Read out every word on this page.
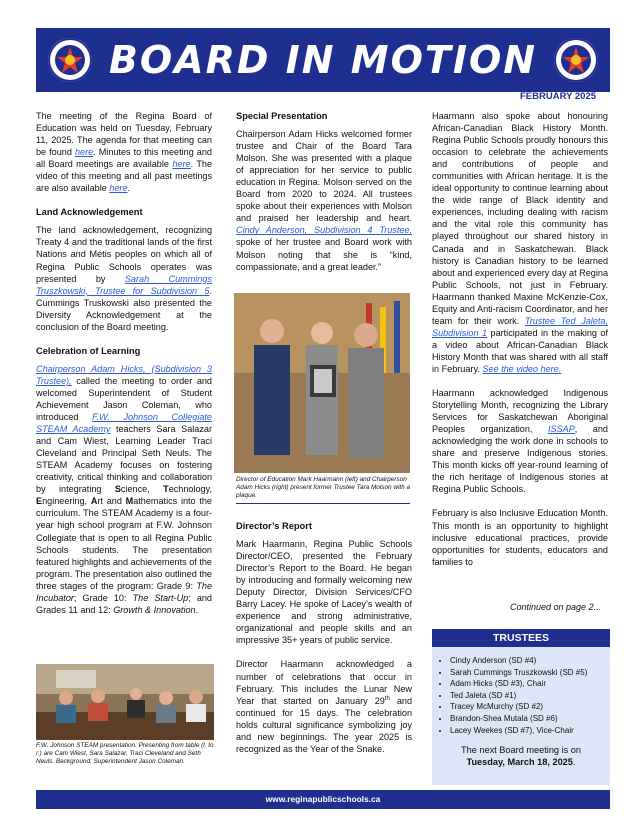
BOARD IN MOTION
FEBRUARY 2025

The meeting of the Regina Board of Education was held on Tuesday, February 11, 2025. The agenda for that meeting can be found here. Minutes to this meeting and all Board meetings are available here. The video of this meeting and all past meetings are also available here.

Land Acknowledgement

The land acknowledgement, recognizing Treaty 4 and the traditional lands of the first Nations and Métis peoples on which all of Regina Public Schools operates was presented by Sarah Cummings Truszkowski, Trustee for Subdivision 5. Cummings Truskowski also presented the Diversity Acknowledgement at the conclusion of the Board meeting.

Celebration of Learning

Chairperson Adam Hicks, (Subdivision 3 Trustee), called the meeting to order and welcomed Superintendent of Student Achievement Jason Coleman, who introduced F.W. Johnson Collegiate STEAM Academy teachers Sara Salazar and Cam Wiest, Learning Leader Traci Cleveland and Principal Seth Neuls. The STEAM Academy focuses on fostering creativity, critical thinking and collaboration by integrating Science, Technology, Engineering, Art and Mathematics into the curriculum. The STEAM Academy is a four-year high school program at F.W. Johnson Collegiate that is open to all Regina Public Schools students. The presentation featured highlights and achievements of the program. The presentation also outlined the three stages of the program: Grade 9: The Incubator; Grade 10: The Start-Up; and Grades 11 and 12: Growth & Innovation.

F.W. Johnson STEAM presentation. Presenting from table (l. to r.) are Cam Wiest, Sara Salazar, Traci Cleveland and Seth Neuls. Background: Superintendent Jason Coleman.
Special Presentation

Chairperson Adam Hicks welcomed former trustee and Chair of the Board Tara Molson. She was presented with a plaque of appreciation for her service to public education in Regina. Molson served on the Board from 2020 to 2024. All trustees spoke about their experiences with Molson and praised her leadership and heart. Cindy Anderson, Subdivision 4 Trustee, spoke of her trustee and Board work with Molson noting that she is “kind, compassionate, and a great leader.”

Director of Education Mark Haarmann (left) and Chairperson Adam Hicks (right) present former Trustee Tara Molson with a plaque.
Director’s Report

Mark Haarmann, Regina Public Schools Director/CEO, presented the February Director’s Report to the Board. He began by introducing and formally welcoming new Deputy Director, Division Services/CFO Barry Lacey. He spoke of Lacey’s wealth of experience and strong administrative, organizational and people skills and an impressive 35+ years of public service.

Director Haarmann acknowledged a number of celebrations that occur in February. This includes the Lunar New Year that started on January 29th and continued for 15 days. The celebration holds cultural significance symbolizing joy and new beginnings. The year 2025 is recognized as the Year of the Snake.

Haarmann also spoke about honouring African-Canadian Black History Month. Regina Public Schools proudly honours this occasion to celebrate the achievements and contributions of people and communities with African heritage. It is the ideal opportunity to continue learning about the wide range of Black identity and experiences, including dealing with racism and the vital role this community has played throughout our shared history in Canada and in Saskatchewan. Black history is Canadian history to be learned about and experienced every day at Regina Public Schools, not just in February. Haarmann thanked Maxine McKenzie-Cox, Equity and Anti-racism Coordinator, and her team for their work. Trustee Ted Jaleta, Subdivision 1 participated in the making of a video about African-Canadian Black History Month that was shared with all staff in February. See the video here.

Haarmann acknowledged Indigenous Storytelling Month, recognizing the Library Services for Saskatchewan Aboriginal Peoples organization, ISSAP, and acknowledging the work done in schools to share and preserve Indigenous stories. This month kicks off year-round learning of the rich heritage of Indigenous stories at Regina Public Schools.

February is also Inclusive Education Month. This month is an opportunity to highlight inclusive educational practices, provide opportunities for students, educators and families to

Continued on page 2...
TRUSTEES
• Cindy Anderson (SD #4)
• Sarah Cummings Truszkowski (SD #5)
• Adam Hicks (SD #3), Chair
• Ted Jaleta (SD #1)
• Tracey McMurchy (SD #2)
• Brandon-Shea Mutala (SD #6)
• Lacey Weekes (SD #7), Vice-Chair
The next Board meeting is on
Tuesday, March 18, 2025.
www.reginapublicschools.ca
